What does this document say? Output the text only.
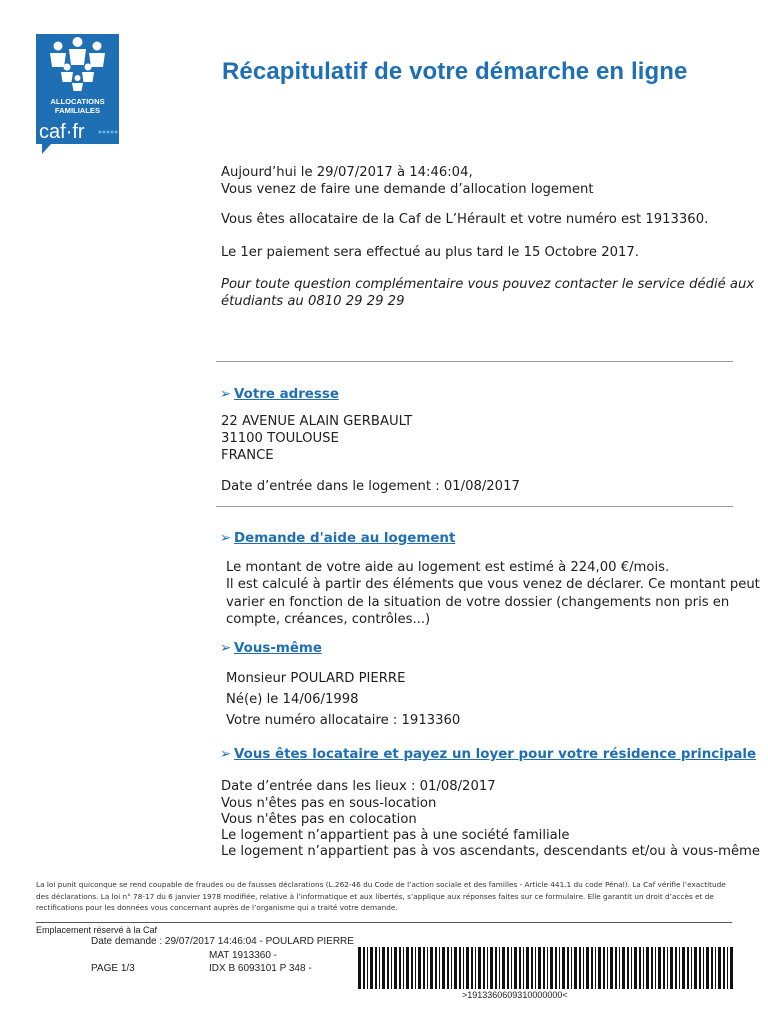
ALLOCATIONS
FAMILIALES
caf·fr
Récapitulatif de votre démarche en ligne
Aujourd’hui le 29/07/2017 à 14:46:04,
Vous venez de faire une demande d’allocation logement
Vous êtes allocataire de la Caf de L’Hérault et votre numéro est 1913360.
Le 1er paiement sera effectué au plus tard le 15 Octobre 2017.
Pour toute question complémentaire vous pouvez contacter le service dédié aux
étudiants au 0810 29 29 29
➢ Votre adresse
22 AVENUE ALAIN GERBAULT
31100 TOULOUSE
FRANCE
Date d’entrée dans le logement : 01/08/2017
➢ Demande d'aide au logement
Le montant de votre aide au logement est estimé à 224,00 €/mois.
Il est calculé à partir des éléments que vous venez de déclarer. Ce montant peut
varier en fonction de la situation de votre dossier (changements non pris en
compte, créances, contrôles...)
➢ Vous-même
Monsieur POULARD PIERRE
Né(e) le 14/06/1998
Votre numéro allocataire : 1913360
➢ Vous êtes locataire et payez un loyer pour votre résidence principale
Date d’entrée dans les lieux : 01/08/2017
Vous n'êtes pas en sous-location
Vous n'êtes pas en colocation
Le logement n’appartient pas à une société familiale
Le logement n’appartient pas à vos ascendants, descendants et/ou à vous-même
La loi punit quiconque se rend coupable de fraudes ou de fausses déclarations (L.262-46 du Code de l’action sociale et des familles - Article 441.1 du code Pénal). La Caf vérifie l’exactitude des déclarations. La loi n° 78-17 du 6 janvier 1978 modifiée, relative à l’informatique et aux libertés, s’applique aux réponses faites sur ce formulaire. Elle garantit un droit d’accès et de rectifications pour les données vous concernant auprès de l’organisme qui a traité votre demande.
Emplacement réservé à la Caf
Date demande : 29/07/2017 14:46:04 - POULARD PIERRE
MAT 1913360 -
PAGE 1/3	IDX B 6093101 P 348 -
>1913360609310000000<
